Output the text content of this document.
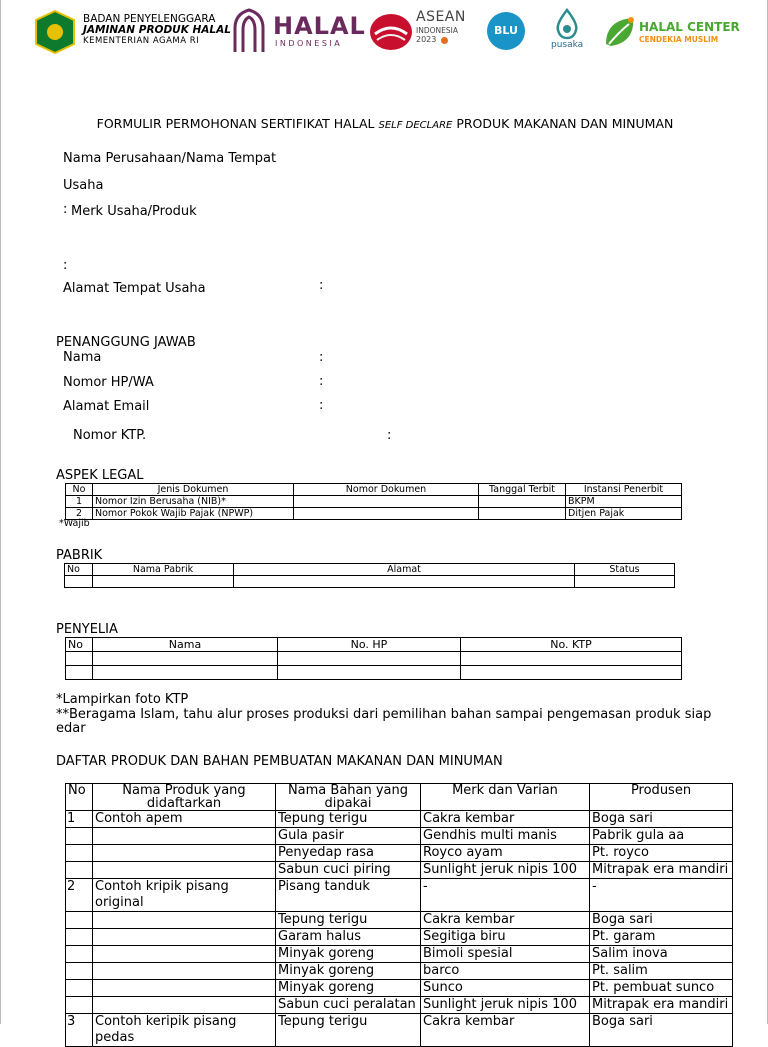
BADAN PENYELENGGARA
JAMINAN PRODUK HALAL
KEMENTERIAN AGAMA RI
HALAL
INDONESIA
ASEAN
INDONESIA
2023
BLU
pusaka
HALAL CENTER
CENDEKIA MUSLIM
FORMULIR PERMOHONAN SERTIFIKAT HALAL SELF DECLARE PRODUK MAKANAN DAN MINUMAN
Nama Perusahaan/Nama Tempat
Usaha
: Merk Usaha/Produk
:
Alamat Tempat Usaha	:
PENANGGUNG JAWAB
Nama	:
Nomor HP/WA	:
Alamat Email	:
Nomor KTP.	:
ASPEK LEGAL
No	Jenis Dokumen	Nomor Dokumen	Tanggal Terbit	Instansi Penerbit
1	Nomor Izin Berusaha (NIB)*			BKPM
2	Nomor Pokok Wajib Pajak (NPWP)			Ditjen Pajak
*Wajib
PABRIK
No	Nama Pabrik	Alamat	Status

PENYELIA
No	Nama	No. HP	No. KTP

*Lampirkan foto KTP
**Beragama Islam, tahu alur proses produksi dari pemilihan bahan sampai pengemasan produk siap
edar
DAFTAR PRODUK DAN BAHAN PEMBUATAN MAKANAN DAN MINUMAN
No	Nama Produk yang didaftarkan	Nama Bahan yang dipakai	Merk dan Varian	Produsen
1	Contoh apem	Tepung terigu	Cakra kembar	Boga sari
		Gula pasir	Gendhis multi manis	Pabrik gula aa
		Penyedap rasa	Royco ayam	Pt. royco
		Sabun cuci piring	Sunlight jeruk nipis 100	Mitrapak era mandiri
2	Contoh kripik pisang original	Pisang tanduk	-	-
		Tepung terigu	Cakra kembar	Boga sari
		Garam halus	Segitiga biru	Pt. garam
		Minyak goreng	Bimoli spesial	Salim inova
		Minyak goreng	barco	Pt. salim
		Minyak goreng	Sunco	Pt. pembuat sunco
		Sabun cuci peralatan	Sunlight jeruk nipis 100	Mitrapak era mandiri
3	Contoh keripik pisang pedas	Tepung terigu	Cakra kembar	Boga sari
